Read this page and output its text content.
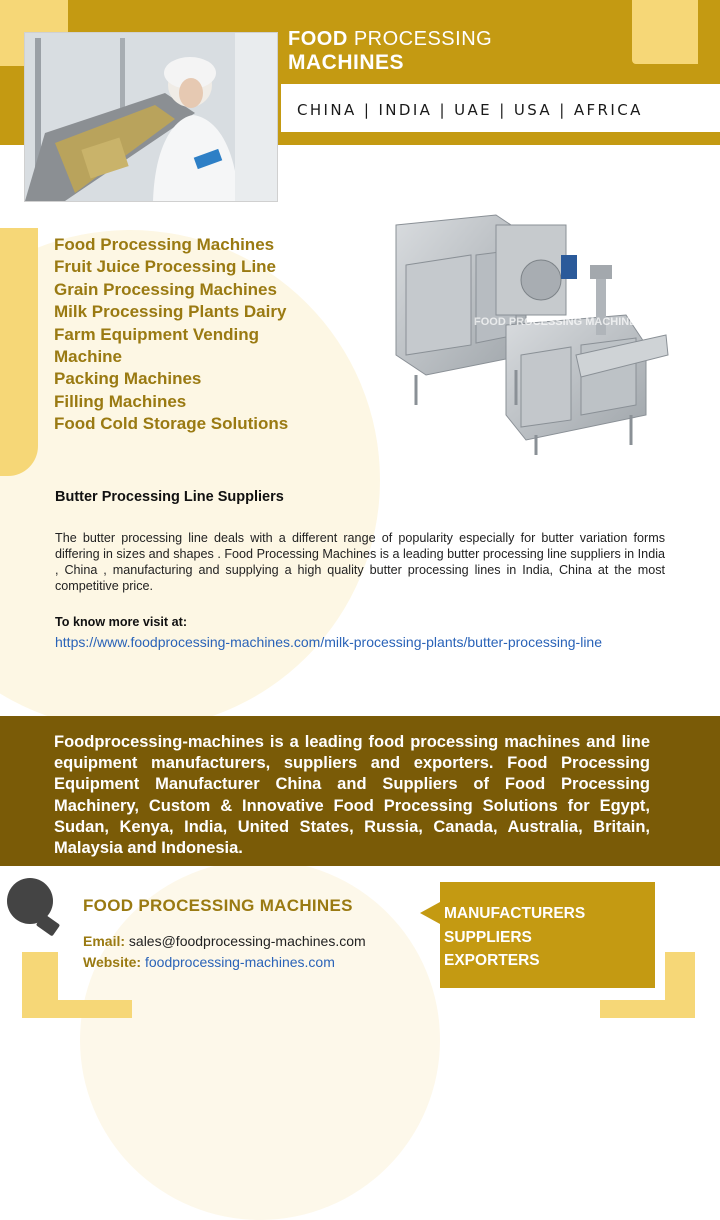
FOOD PROCESSING
MACHINES
CHINA | INDIA | UAE | USA | AFRICA
Food Processing Machines
Fruit Juice Processing Line
Grain Processing Machines
Milk Processing Plants Dairy
Farm Equipment Vending
Machine
Packing Machines
Filling Machines
Food Cold Storage Solutions
FOOD PROCESSING MACHINES
Butter Processing Line Suppliers
The butter processing line deals with a different range of popularity especially for butter variation forms differing in sizes and shapes . Food Processing Machines is a leading butter processing line suppliers in India , China , manufacturing and supplying a high quality butter processing lines in India, China at the most competitive price.
To know more visit at:
https://www.foodprocessing-machines.com/milk-processing-plants/butter-processing-line
Foodprocessing-machines is a leading food processing machines and line equipment manufacturers, suppliers and exporters. Food Processing Equipment Manufacturer China and Suppliers of Food Processing Machinery, Custom & Innovative Food Processing Solutions for Egypt, Sudan, Kenya, India, United States, Russia, Canada, Australia, Britain, Malaysia and Indonesia.
FOOD PROCESSING MACHINES
Email: sales@foodprocessing-machines.com
Website: foodprocessing-machines.com
MANUFACTURERS
SUPPLIERS
EXPORTERS
